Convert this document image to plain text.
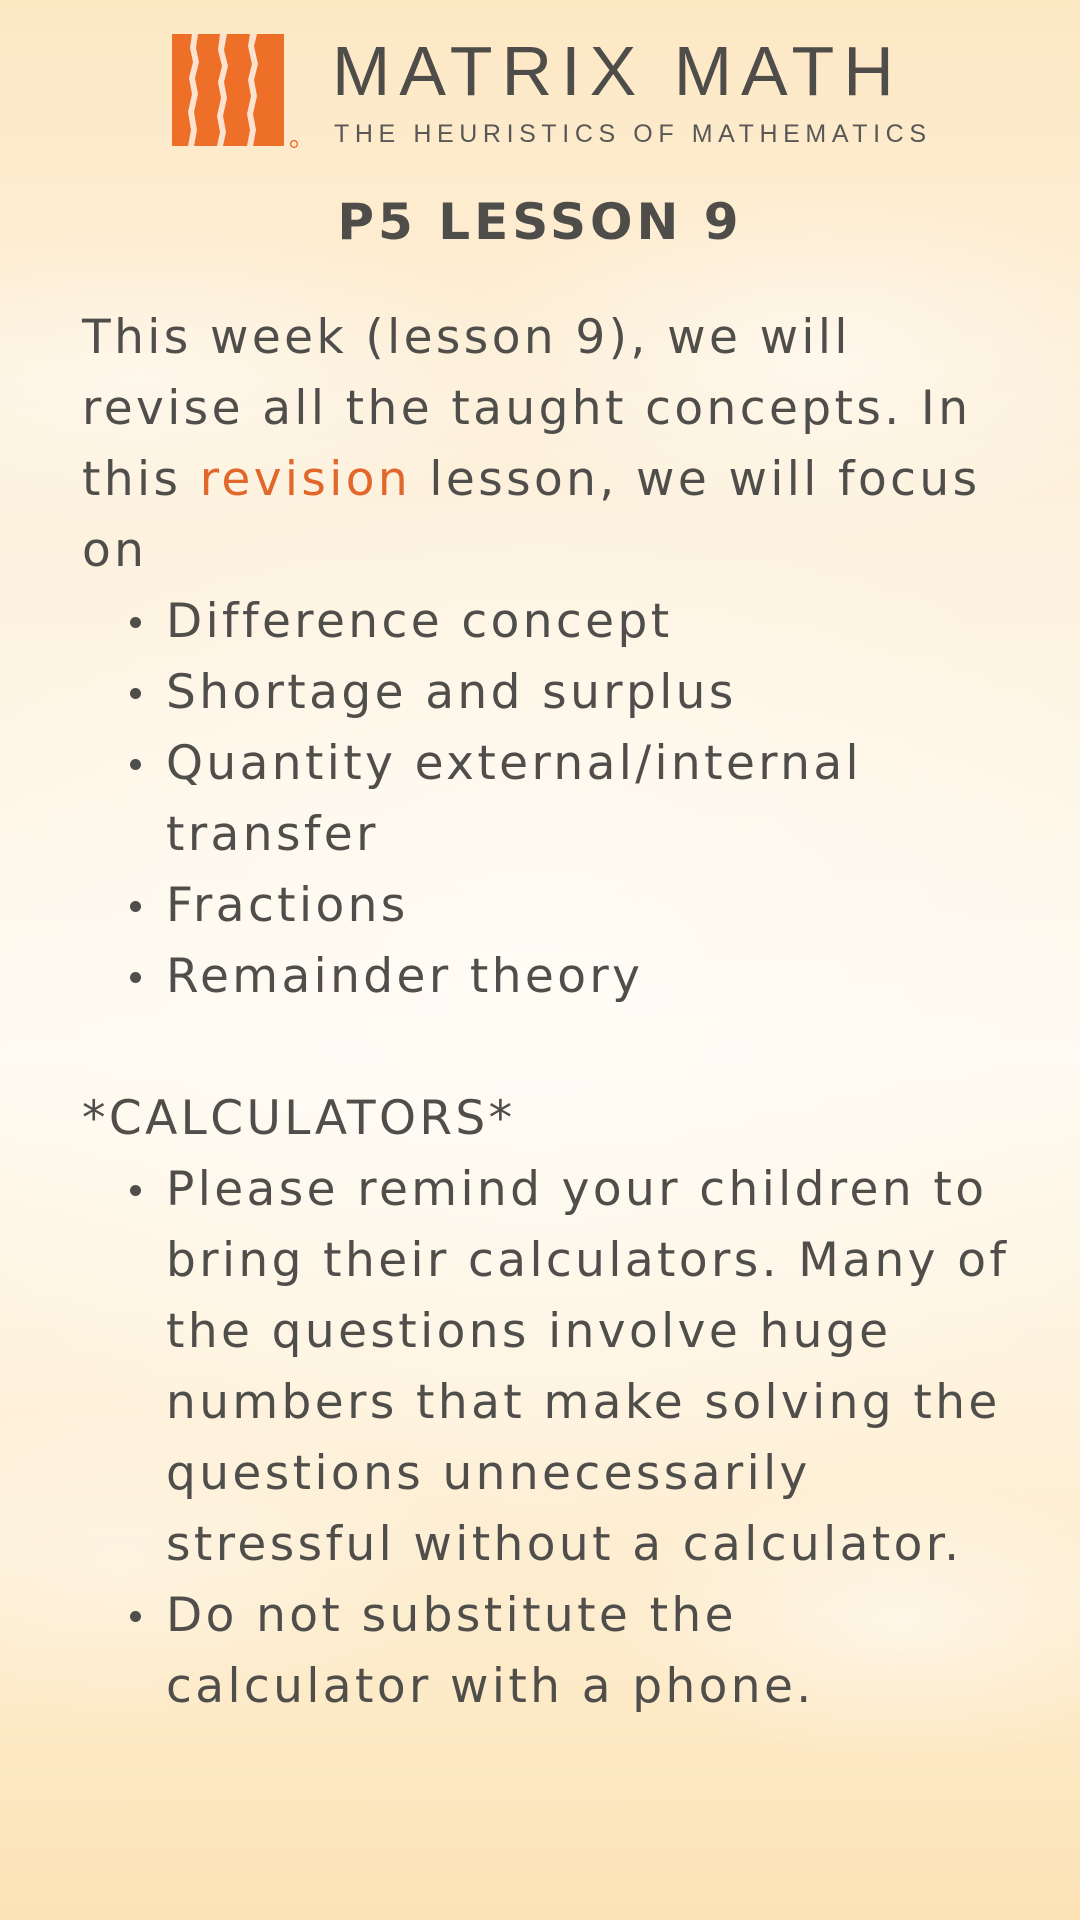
MATRIX MATH
THE HEURISTICS OF MATHEMATICS
P5 LESSON 9

This week (lesson 9), we will revise all the taught concepts. In this revision lesson, we will focus on

Difference concept
Shortage and surplus
Quantity external/internal transfer
Fractions
Remainder theory

*CALCULATORS*

Please remind your children to bring their calculators. Many of the questions involve huge numbers that make solving the questions unnecessarily stressful without a calculator.
Do not substitute the calculator with a phone.
